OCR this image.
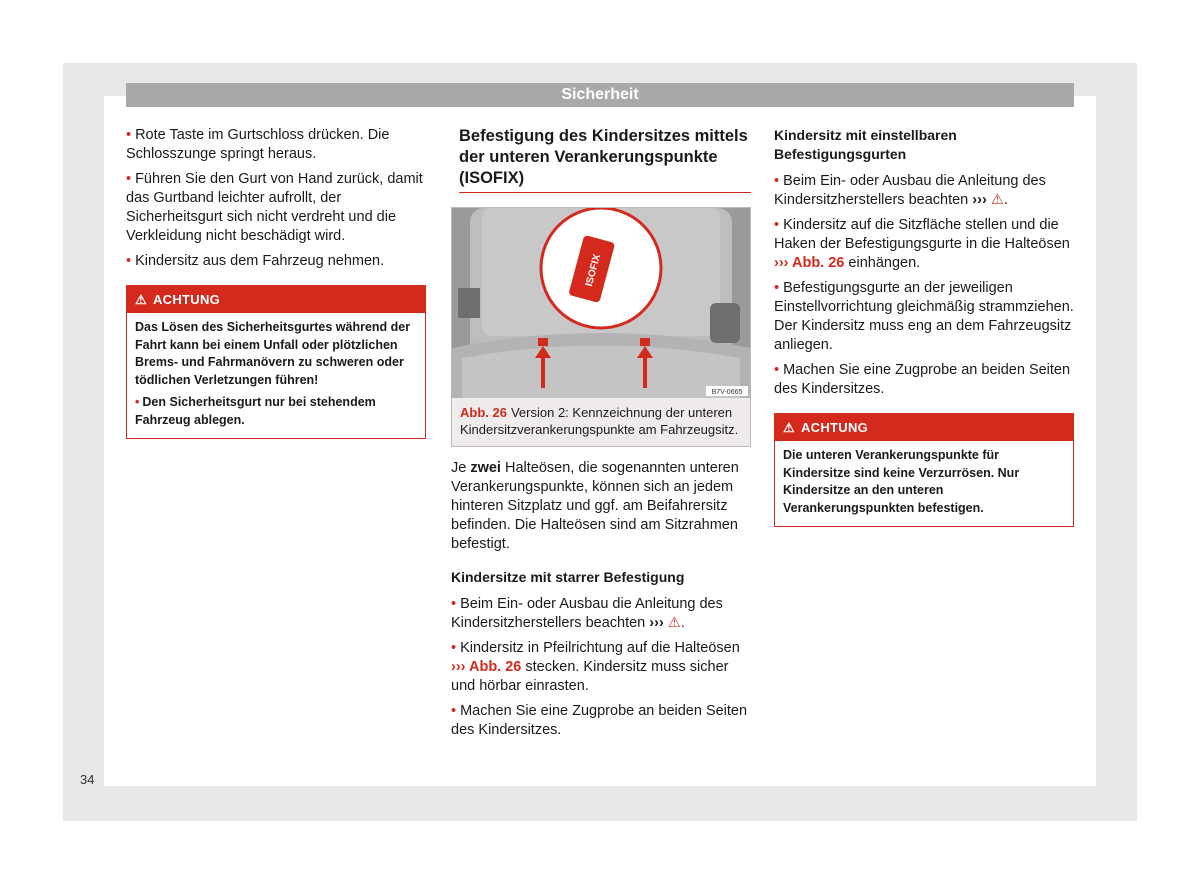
Sicherheit

• Rote Taste im Gurtschloss drücken. Die Schlosszunge springt heraus.

• Führen Sie den Gurt von Hand zurück, damit das Gurtband leichter aufrollt, der Sicherheitsgurt sich nicht verdreht und die Verkleidung nicht beschädigt wird.

• Kindersitz aus dem Fahrzeug nehmen.

⚠ ACHTUNG

Das Lösen des Sicherheitsgurtes während der Fahrt kann bei einem Unfall oder plötzlichen Brems- und Fahrmanövern zu schweren oder tödlichen Verletzungen führen!

• Den Sicherheitsgurt nur bei stehendem Fahrzeug ablegen.

Befestigung des Kindersitzes mittels der unteren Verankerungspunkte (ISOFIX)
ISOFIX
B7V-0665
Abb. 26 Version 2: Kennzeichnung der unteren Kindersitzverankerungspunkte am Fahrzeugsitz.

Je zwei Halteösen, die sogenannten unteren Verankerungspunkte, können sich an jedem hinteren Sitzplatz und ggf. am Beifahrersitz befinden. Die Halteösen sind am Sitzrahmen befestigt.

Kindersitze mit starrer Befestigung

• Beim Ein- oder Ausbau die Anleitung des Kindersitzherstellers beachten ››› ⚠.

• Kindersitz in Pfeilrichtung auf die Halteösen ››› Abb. 26 stecken. Kindersitz muss sicher und hörbar einrasten.

• Machen Sie eine Zugprobe an beiden Seiten des Kindersitzes.

Kindersitz mit einstellbaren Befestigungsgurten

• Beim Ein- oder Ausbau die Anleitung des Kindersitzherstellers beachten ››› ⚠.

• Kindersitz auf die Sitzfläche stellen und die Haken der Befestigungsgurte in die Halteösen ››› Abb. 26 einhängen.

• Befestigungsgurte an der jeweiligen Einstellvorrichtung gleichmäßig strammziehen. Der Kindersitz muss eng an dem Fahrzeugsitz anliegen.

• Machen Sie eine Zugprobe an beiden Seiten des Kindersitzes.

⚠ ACHTUNG

Die unteren Verankerungspunkte für Kindersitze sind keine Verzurrösen. Nur Kindersitze an den unteren Verankerungspunkten befestigen.

34
